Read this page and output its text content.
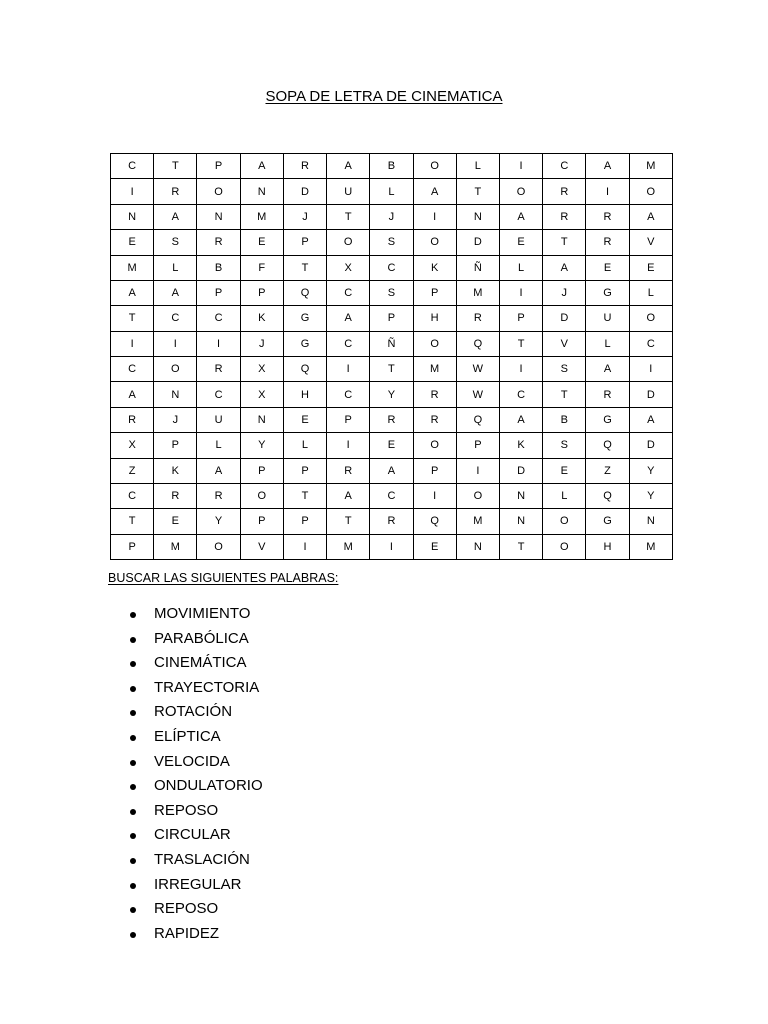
SOPA DE LETRA DE CINEMATICA
C	T	P	A	R	A	B	O	L	I	C	A	M
I	R	O	N	D	U	L	A	T	O	R	I	O
N	A	N	M	J	T	J	I	N	A	R	R	A
E	S	R	E	P	O	S	O	D	E	T	R	V
M	L	B	F	T	X	C	K	Ñ	L	A	E	E
A	A	P	P	Q	C	S	P	M	I	J	G	L
T	C	C	K	G	A	P	H	R	P	D	U	O
I	I	I	J	G	C	Ñ	O	Q	T	V	L	C
C	O	R	X	Q	I	T	M	W	I	S	A	I
A	N	C	X	H	C	Y	R	W	C	T	R	D
R	J	U	N	E	P	R	R	Q	A	B	G	A
X	P	L	Y	L	I	E	O	P	K	S	Q	D
Z	K	A	P	P	R	A	P	I	D	E	Z	Y
C	R	R	O	T	A	C	I	O	N	L	Q	Y
T	E	Y	P	P	T	R	Q	M	N	O	G	N
P	M	O	V	I	M	I	E	N	T	O	H	M
BUSCAR LAS SIGUIENTES PALABRAS:
MOVIMIENTO
PARABÓLICA
CINEMÁTICA
TRAYECTORIA
ROTACIÓN
ELÍPTICA
VELOCIDA
ONDULATORIO
REPOSO
CIRCULAR
TRASLACIÓN
IRREGULAR
REPOSO
RAPIDEZ
